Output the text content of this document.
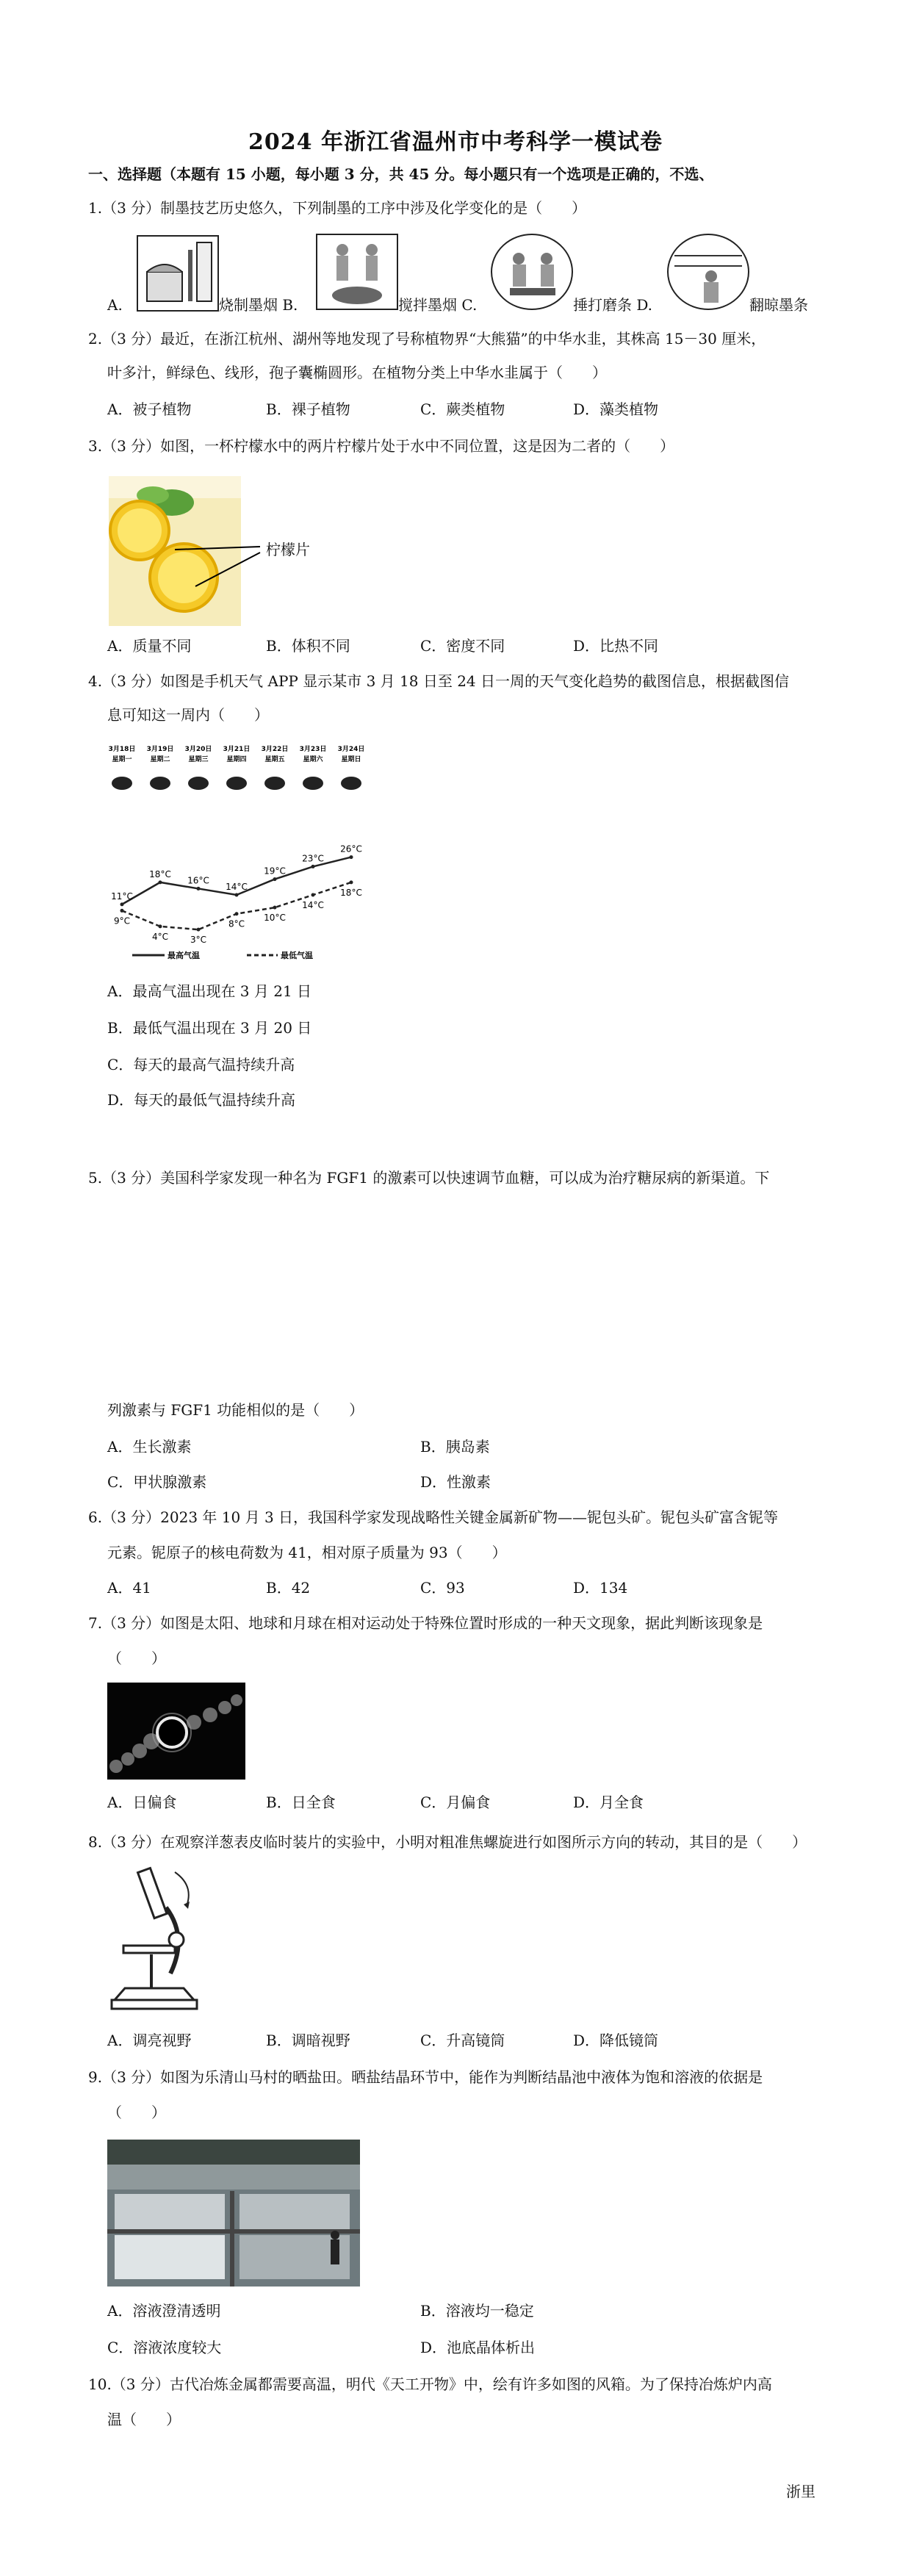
2024 年浙江省温州市中考科学一模试卷
一、选择题（本题有 15 小题，每小题 3 分，共 45 分。每小题只有一个选项是正确的，不选、
1.（3 分）制墨技艺历史悠久，下列制墨的工序中涉及化学变化的是（　　）
A.	烧制墨烟 B.	搅拌墨烟 C.	捶打磨条 D.	翻晾墨条
2.（3 分）最近，在浙江杭州、湖州等地发现了号称植物界“大熊猫”的中华水韭，其株高 15－30 厘米，
叶多汁，鲜绿色、线形，孢子囊椭圆形。在植物分类上中华水韭属于（　　）
A．被子植物	B．裸子植物	C．蕨类植物	D．藻类植物
3.（3 分）如图，一杯柠檬水中的两片柠檬片处于水中不同位置，这是因为二者的（　　）
柠檬片
A．质量不同	B．体积不同	C．密度不同	D．比热不同
4.（3 分）如图是手机天气 APP 显示某市 3 月 18 日至 24 日一周的天气变化趋势的截图信息，根据截图信
息可知这一周内（　　）
3月18日
星期一
3月19日
星期二
3月20日
星期三
3月21日
星期四
3月22日
星期五
3月23日
星期六
3月24日
星期日
11°C
18°C
16°C
14°C
19°C
23°C
26°C
9°C
4°C 3°C
8°C
10°C
14°C
18°C
最高气温	最低气温
A．最高气温出现在 3 月 21 日
B．最低气温出现在 3 月 20 日
C．每天的最高气温持续升高
D．每天的最低气温持续升高
5.（3 分）美国科学家发现一种名为 FGF1 的激素可以快速调节血糖，可以成为治疗糖尿病的新渠道。下
列激素与 FGF1 功能相似的是（　　）
A．生长激素	B．胰岛素
C．甲状腺激素	D．性激素
6.（3 分）2023 年 10 月 3 日，我国科学家发现战略性关键金属新矿物——铌包头矿。铌包头矿富含铌等
元素。铌原子的核电荷数为 41，相对原子质量为 93（　　）
A．41	B．42	C．93	D．134
7.（3 分）如图是太阳、地球和月球在相对运动处于特殊位置时形成的一种天文现象，据此判断该现象是
（　　）
A．日偏食	B．日全食	C．月偏食	D．月全食
8.（3 分）在观察洋葱表皮临时装片的实验中，小明对粗准焦螺旋进行如图所示方向的转动，其目的是（　　）
A．调亮视野	B．调暗视野	C．升高镜筒	D．降低镜筒
9.（3 分）如图为乐清山马村的晒盐田。晒盐结晶环节中，能作为判断结晶池中液体为饱和溶液的依据是
（　　）
A．溶液澄清透明	B．溶液均一稳定
C．溶液浓度较大	D．池底晶体析出
10.（3 分）古代冶炼金属都需要高温，明代《天工开物》中，绘有许多如图的风箱。为了保持冶炼炉内高
温（　　）
浙里
